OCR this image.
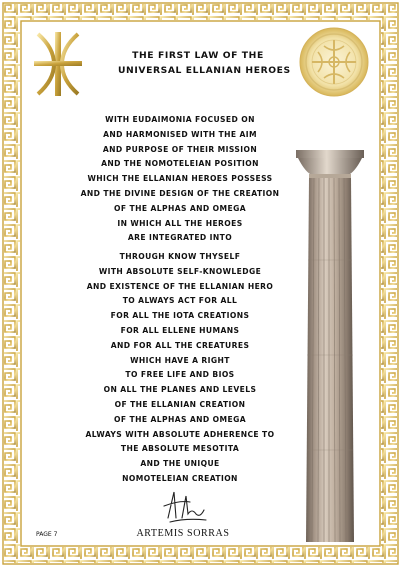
THE FIRST LAW OF THE
UNIVERSAL ELLANIAN HEROES
WITH EUDAIMONIA FOCUSED ON
AND HARMONISED WITH THE AIM
AND PURPOSE OF THEIR MISSION
AND THE NOMOTELEIAN POSITION
WHICH THE ELLANIAN HEROES POSSESS
AND THE DIVINE DESIGN OF THE CREATION
OF THE ALPHAS AND OMEGA
IN WHICH ALL THE HEROES
ARE INTEGRATED INTO
THROUGH KNOW THYSELF
WITH ABSOLUTE SELF-KNOWLEDGE
AND EXISTENCE OF THE ELLANIAN HERO
TO ALWAYS ACT FOR ALL
FOR ALL THE IOTA CREATIONS
FOR ALL ELLENE HUMANS
AND FOR ALL THE CREATURES
WHICH HAVE A RIGHT
TO FREE LIFE AND BIOS
ON ALL THE PLANES AND LEVELS
OF THE ELLANIAN CREATION
OF THE ALPHAS AND OMEGA
ALWAYS WITH ABSOLUTE ADHERENCE TO
THE ABSOLUTE MESOTITA
AND THE UNIQUE
NOMOTELEIAN CREATION
PAGE 7	ARTEMIS SORRAS
